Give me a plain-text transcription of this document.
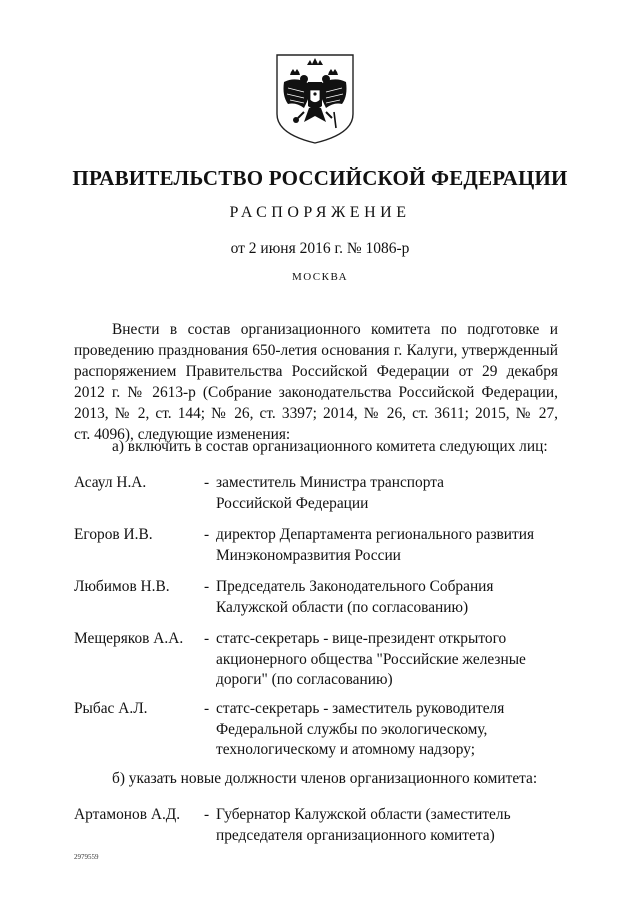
ПРАВИТЕЛЬСТВО РОССИЙСКОЙ ФЕДЕРАЦИИ
РАСПОРЯЖЕНИЕ
от 2 июня 2016 г. № 1086-р
МОСКВА
Внести в состав организационного комитета по подготовке и
проведению празднования 650-летия основания г. Калуги, утвержденный
распоряжением Правительства Российской Федерации от 29 декабря
2012 г. № 2613-р (Собрание законодательства Российской Федерации,
2013, № 2, ст. 144; № 26, ст. 3397; 2014, № 26, ст. 3611; 2015, № 27,
ст. 4096), следующие изменения:
а) включить в состав организационного комитета следующих лиц:
Асаул Н.А.	- заместитель Министра транспорта
Российской Федерации
Егоров И.В.	- директор Департамента регионального развития
Минэкономразвития России
Любимов Н.В. - Председатель Законодательного Собрания
Калужской области (по согласованию)
Мещеряков А.А. - статс-секретарь - вице-президент открытого
акционерного общества "Российские железные
дороги" (по согласованию)
Рыбас А.Л.	- статс-секретарь - заместитель руководителя
Федеральной службы по экологическому,
технологическому и атомному надзору;
б) указать новые должности членов организационного комитета:
Артамонов А.Д. - Губернатор Калужской области (заместитель
председателя организационного комитета)
2979559
